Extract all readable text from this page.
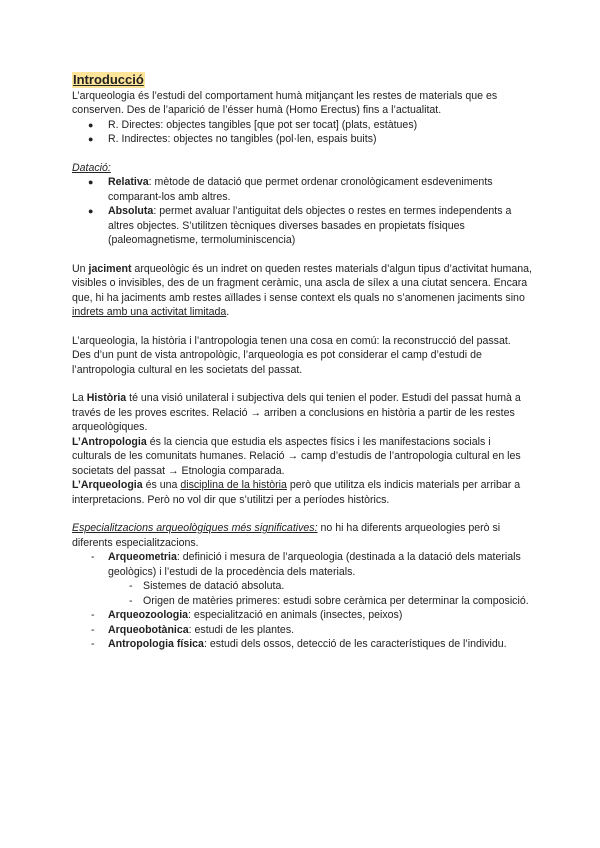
Introducció

L’arqueologia és l’estudi del comportament humà mitjançant les restes de materials que es conserven. Des de l’aparició de l’ésser humà (Homo Erectus) fins a l’actualitat.

● R. Directes: objectes tangibles [que pot ser tocat] (plats, estàtues)
● R. Indirectes: objectes no tangibles (pol·len, espais buits)

Datació:

● Relativa: mètode de datació que permet ordenar cronològicament esdeveniments comparant-los amb altres.
● Absoluta: permet avaluar l’antiguitat dels objectes o restes en termes independents a altres objectes. S’utilitzen tècniques diverses basades en propietats físiques (paleomagnetisme, termoluminiscencia)

Un jaciment arqueològic és un indret on queden restes materials d’algun tipus d’activitat humana, visibles o invisibles, des de un fragment ceràmic, una ascla de sílex a una ciutat sencera. Encara que, hi ha jaciments amb restes aïllades i sense context els quals no s’anomenen jaciments sino indrets amb una activitat limitada.

L’arqueologia, la història i l’antropologia tenen una cosa en comú: la reconstrucció del passat.

Des d’un punt de vista antropològic, l’arqueologia es pot considerar el camp d’estudi de l’antropologia cultural en les societats del passat.

La Història té una visió unilateral i subjectiva dels qui tenien el poder. Estudi del passat humà a través de les proves escrites. Relació → arriben a conclusions en història a partir de les restes arqueològiques.

L’Antropologia és la ciencia que estudia els aspectes físics i les manifestacions socials i culturals de les comunitats humanes. Relació → camp d’estudis de l’antropologia cultural en les societats del passat → Etnologia comparada.

L’Arqueologia és una disciplina de la història però que utilitza els indicis materials per arribar a interpretacions. Però no vol dir que s’utilitzi per a períodes històrics.

Especialitzacions arqueològiques més significatives: no hi ha diferents arqueologies però si diferents especialitzacions.

- Arqueometria: definició i mesura de l’arqueologia (destinada a la datació dels materials geològics) i l’estudi de la procedència dels materials.
- Sistemes de datació absoluta.
- Origen de matèries primeres: estudi sobre ceràmica per determinar la composició.
- Arqueozoologia: especialització en animals (insectes, peixos)
- Arqueobotànica: estudi de les plantes.
- Antropologia física: estudi dels ossos, detecció de les característiques de l’individu.
